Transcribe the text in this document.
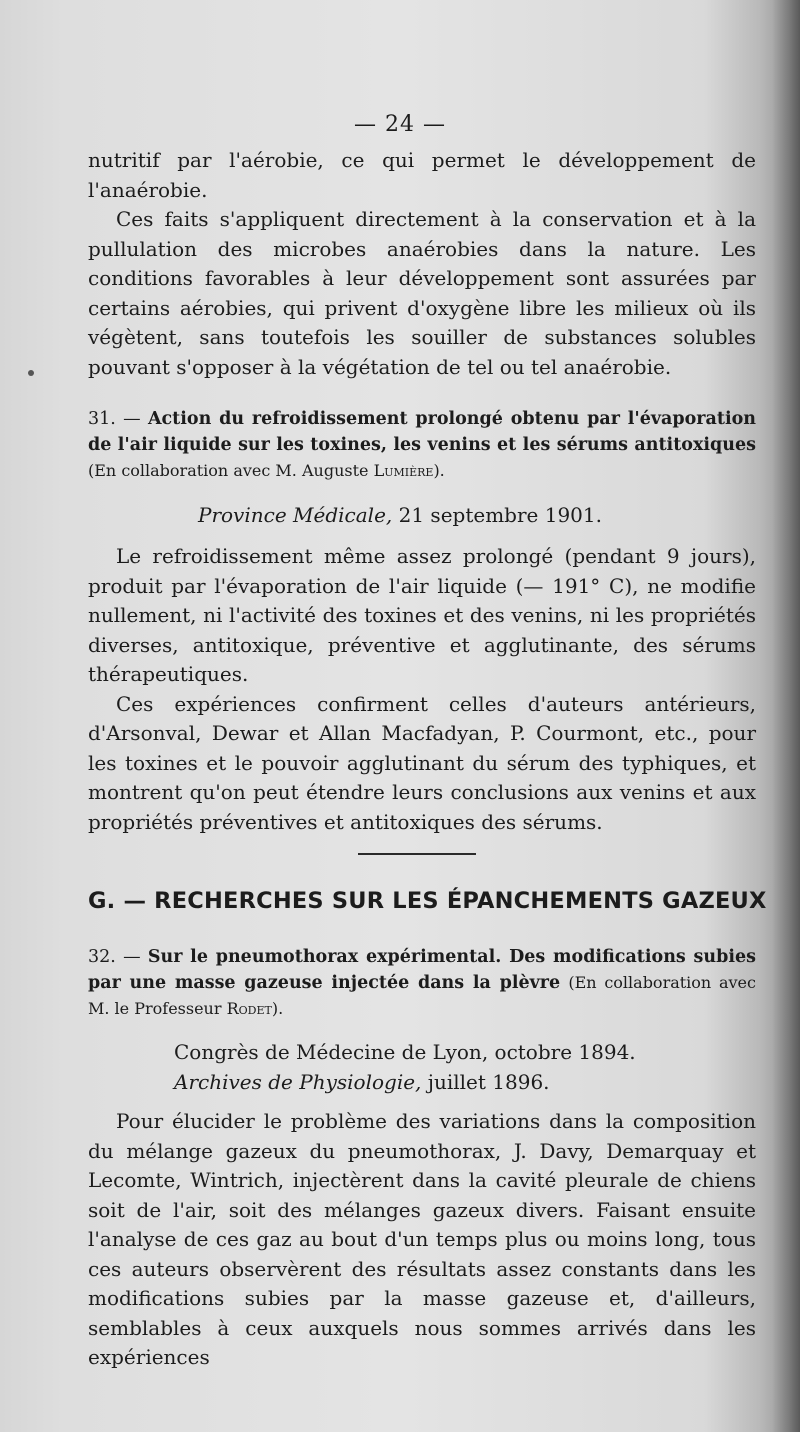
— 24 —

nutritif par l'aérobie, ce qui permet le développement de l'anaérobie.

Ces faits s'appliquent directement à la conservation et à la pullulation des microbes anaérobies dans la nature. Les conditions favorables à leur développement sont assurées par certains aérobies, qui privent d'oxygène libre les milieux où ils végètent, sans toutefois les souiller de substances solubles pouvant s'opposer à la végétation de tel ou tel anaérobie.

31. — Action du refroidissement prolongé obtenu par l'évaporation de l'air liquide sur les toxines, les venins et les sérums antitoxiques (En collaboration avec M. Auguste Lumière).
Province Médicale, 21 septembre 1901.

Le refroidissement même assez prolongé (pendant 9 jours), produit par l'évaporation de l'air liquide (— 191° C), ne modifie nullement, ni l'activité des toxines et des venins, ni les propriétés diverses, antitoxique, préventive et agglutinante, des sérums thérapeutiques.

Ces expériences confirment celles d'auteurs antérieurs, d'Arsonval, Dewar et Allan Macfadyan, P. Courmont, etc., pour les toxines et le pouvoir agglutinant du sérum des typhiques, et montrent qu'on peut étendre leurs conclusions aux venins et aux propriétés préventives et antitoxiques des sérums.

G. — RECHERCHES SUR LES ÉPANCHEMENTS GAZEUX
32. — Sur le pneumothorax expérimental. Des modifications subies par une masse gazeuse injectée dans la plèvre (En collaboration avec M. le Professeur Rodet).
Congrès de Médecine de Lyon, octobre 1894.
Archives de Physiologie, juillet 1896.

Pour élucider le problème des variations dans la composition du mélange gazeux du pneumothorax, J. Davy, Demarquay et Lecomte, Wintrich, injectèrent dans la cavité pleurale de chiens soit de l'air, soit des mélanges gazeux divers. Faisant ensuite l'analyse de ces gaz au bout d'un temps plus ou moins long, tous ces auteurs observèrent des résultats assez constants dans les modifications subies par la masse gazeuse et, d'ailleurs, semblables à ceux auxquels nous sommes arrivés dans les expériences
